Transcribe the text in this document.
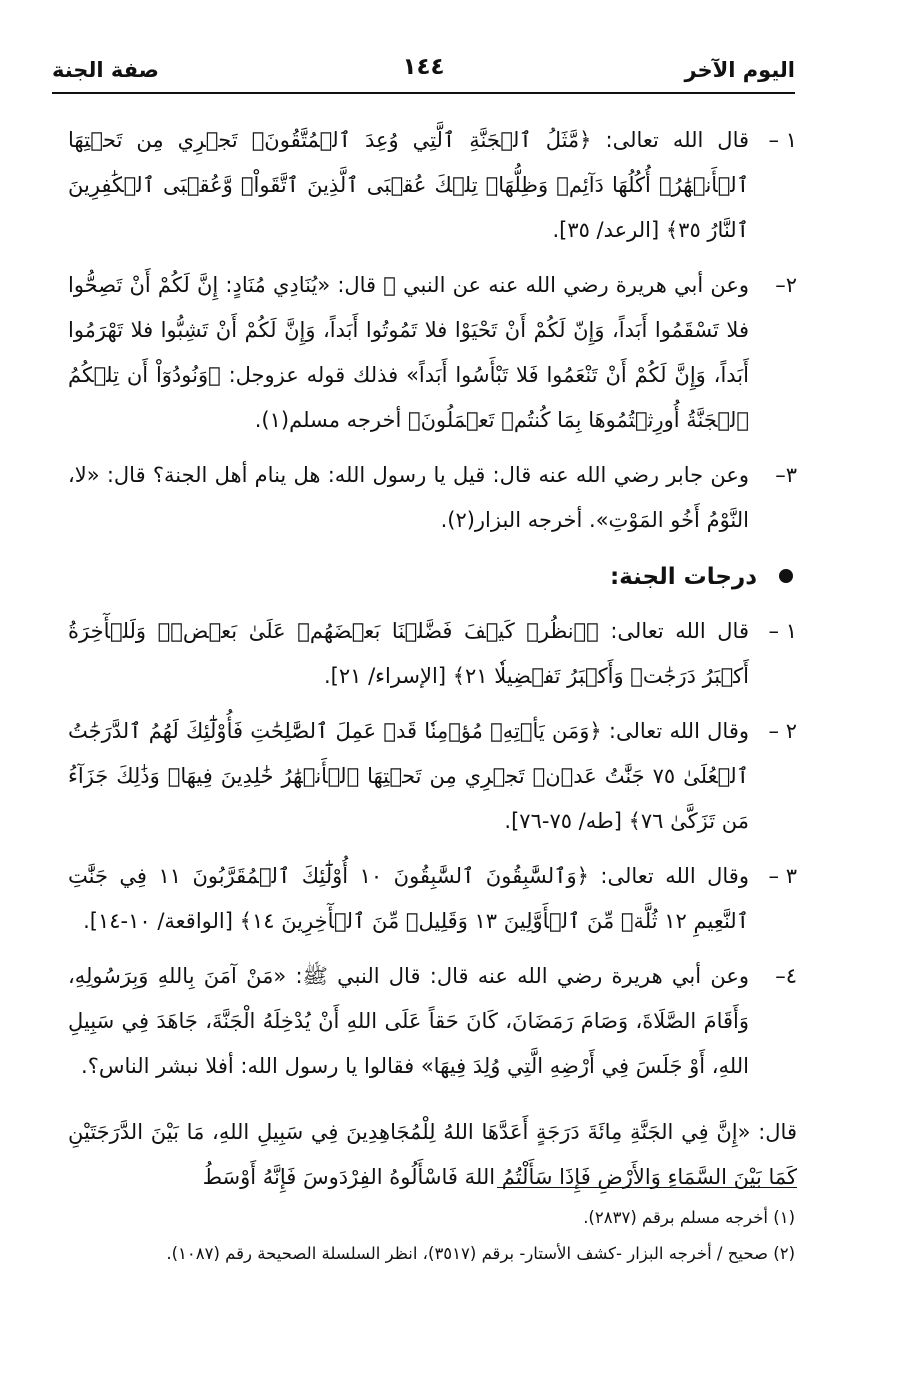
اليوم الآخر
١٤٤
صفة الجنة
١ –
قال الله تعالى: ﴿مَّثَلُ ٱلۡجَنَّةِ ٱلَّتِي وُعِدَ ٱلۡمُتَّقُونَۖ تَجۡرِي مِن تَحۡتِهَا ٱلۡأَنۡهَٰرُۖ أُكُلُهَا دَآئِمٞ وَظِلُّهَاۚ تِلۡكَ عُقۡبَى ٱلَّذِينَ ٱتَّقَواْۚ وَّعُقۡبَى ٱلۡكَٰفِرِينَ ٱلنَّارُ ٣٥﴾ [الرعد/ ٣٥].
٢–
وعن أبي هريرة رضي الله عنه عن النبي ﷺ قال: «يُنَادِي مُنَادٍ: إِنَّ لَكُمْ أَنْ تَصِحُّوا فلا تَسْقَمُوا أَبَداً، وَإِنّ لَكُمْ أَنْ تَحْيَوْا فلا تَمُوتُوا أَبَداً، وَإِنَّ لَكُمْ أَنْ تَشِبُّوا فلا تَهْرَمُوا أَبَداً، وَإِنَّ لَكُمْ أَنْ تَنْعَمُوا فَلا تَبْأَسُوا أَبَداً» فذلك قوله عزوجل: ﴿وَنُودُوٓاْ أَن تِلۡكُمُ ٱلۡجَنَّةُ أُورِثۡتُمُوهَا بِمَا كُنتُمۡ تَعۡمَلُونَ﴾ أخرجه مسلم(١).
٣–
وعن جابر رضي الله عنه قال: قيل يا رسول الله: هل ينام أهل الجنة؟ قال: «لا، النَّوْمُ أَخُو المَوْتِ». أخرجه البزار(٢).
درجات الجنة:
١ –
قال الله تعالى: ﴿ٱنظُرۡ كَيۡفَ فَضَّلۡنَا بَعۡضَهُمۡ عَلَىٰ بَعۡضٖۚ وَلَلۡأٓخِرَةُ أَكۡبَرُ دَرَجَٰتٖ وَأَكۡبَرُ تَفۡضِيلٗا ٢١﴾ [الإسراء/ ٢١].
٢ –
وقال الله تعالى: ﴿وَمَن يَأۡتِهِۦ مُؤۡمِنٗا قَدۡ عَمِلَ ٱلصَّٰلِحَٰتِ فَأُوْلَٰٓئِكَ لَهُمُ ٱلدَّرَجَٰتُ ٱلۡعُلَىٰ ٧٥ جَنَّٰتُ عَدۡنٖ تَجۡرِي مِن تَحۡتِهَا ٱلۡأَنۡهَٰرُ خَٰلِدِينَ فِيهَاۚ وَذَٰلِكَ جَزَآءُ مَن تَزَكَّىٰ ٧٦﴾ [طه/ ٧٥-٧٦].
٣ –
وقال الله تعالى: ﴿وَٱلسَّٰبِقُونَ ٱلسَّٰبِقُونَ ١٠ أُوْلَٰٓئِكَ ٱلۡمُقَرَّبُونَ ١١ فِي جَنَّٰتِ ٱلنَّعِيمِ ١٢ ثُلَّةٞ مِّنَ ٱلۡأَوَّلِينَ ١٣ وَقَلِيلٞ مِّنَ ٱلۡأٓخِرِينَ ١٤﴾ [الواقعة/ ١٠-١٤].
٤–
وعن أبي هريرة رضي الله عنه قال: قال النبي ﷺ: «مَنْ آمَنَ بِاللهِ وَبِرَسُولِهِ، وَأَقَامَ الصَّلَاةَ، وَصَامَ رَمَضَانَ، كَانَ حَقاً عَلَى اللهِ أَنْ يُدْخِلَهُ الْجَنَّةَ، جَاهَدَ فِي سَبِيلِ اللهِ، أَوْ جَلَسَ فِي أَرْضِهِ الَّتِي وُلِدَ فِيهَا» فقالوا يا رسول الله: أفلا نبشر الناس؟.

قال: «إِنَّ فِي الجَنَّةِ مِائَةَ دَرَجَةٍ أَعَدَّهَا اللهُ لِلْمُجَاهِدِينَ فِي سَبِيلِ اللهِ، مَا بَيْنَ الدَّرَجَتَيْنِ كَمَا بَيْنَ السَّمَاءِ وَالأَرْضِ فَإِذَا سَأَلْتُمُ اللهَ فَاسْأَلُوهُ الفِرْدَوسَ فَإِنَّهُ أَوْسَطُ

(١) أخرجه مسلم برقم (٢٨٣٧).
(٢) صحيح / أخرجه البزار -كشف الأستار- برقم (٣٥١٧)، انظر السلسلة الصحيحة رقم (١٠٨٧).
